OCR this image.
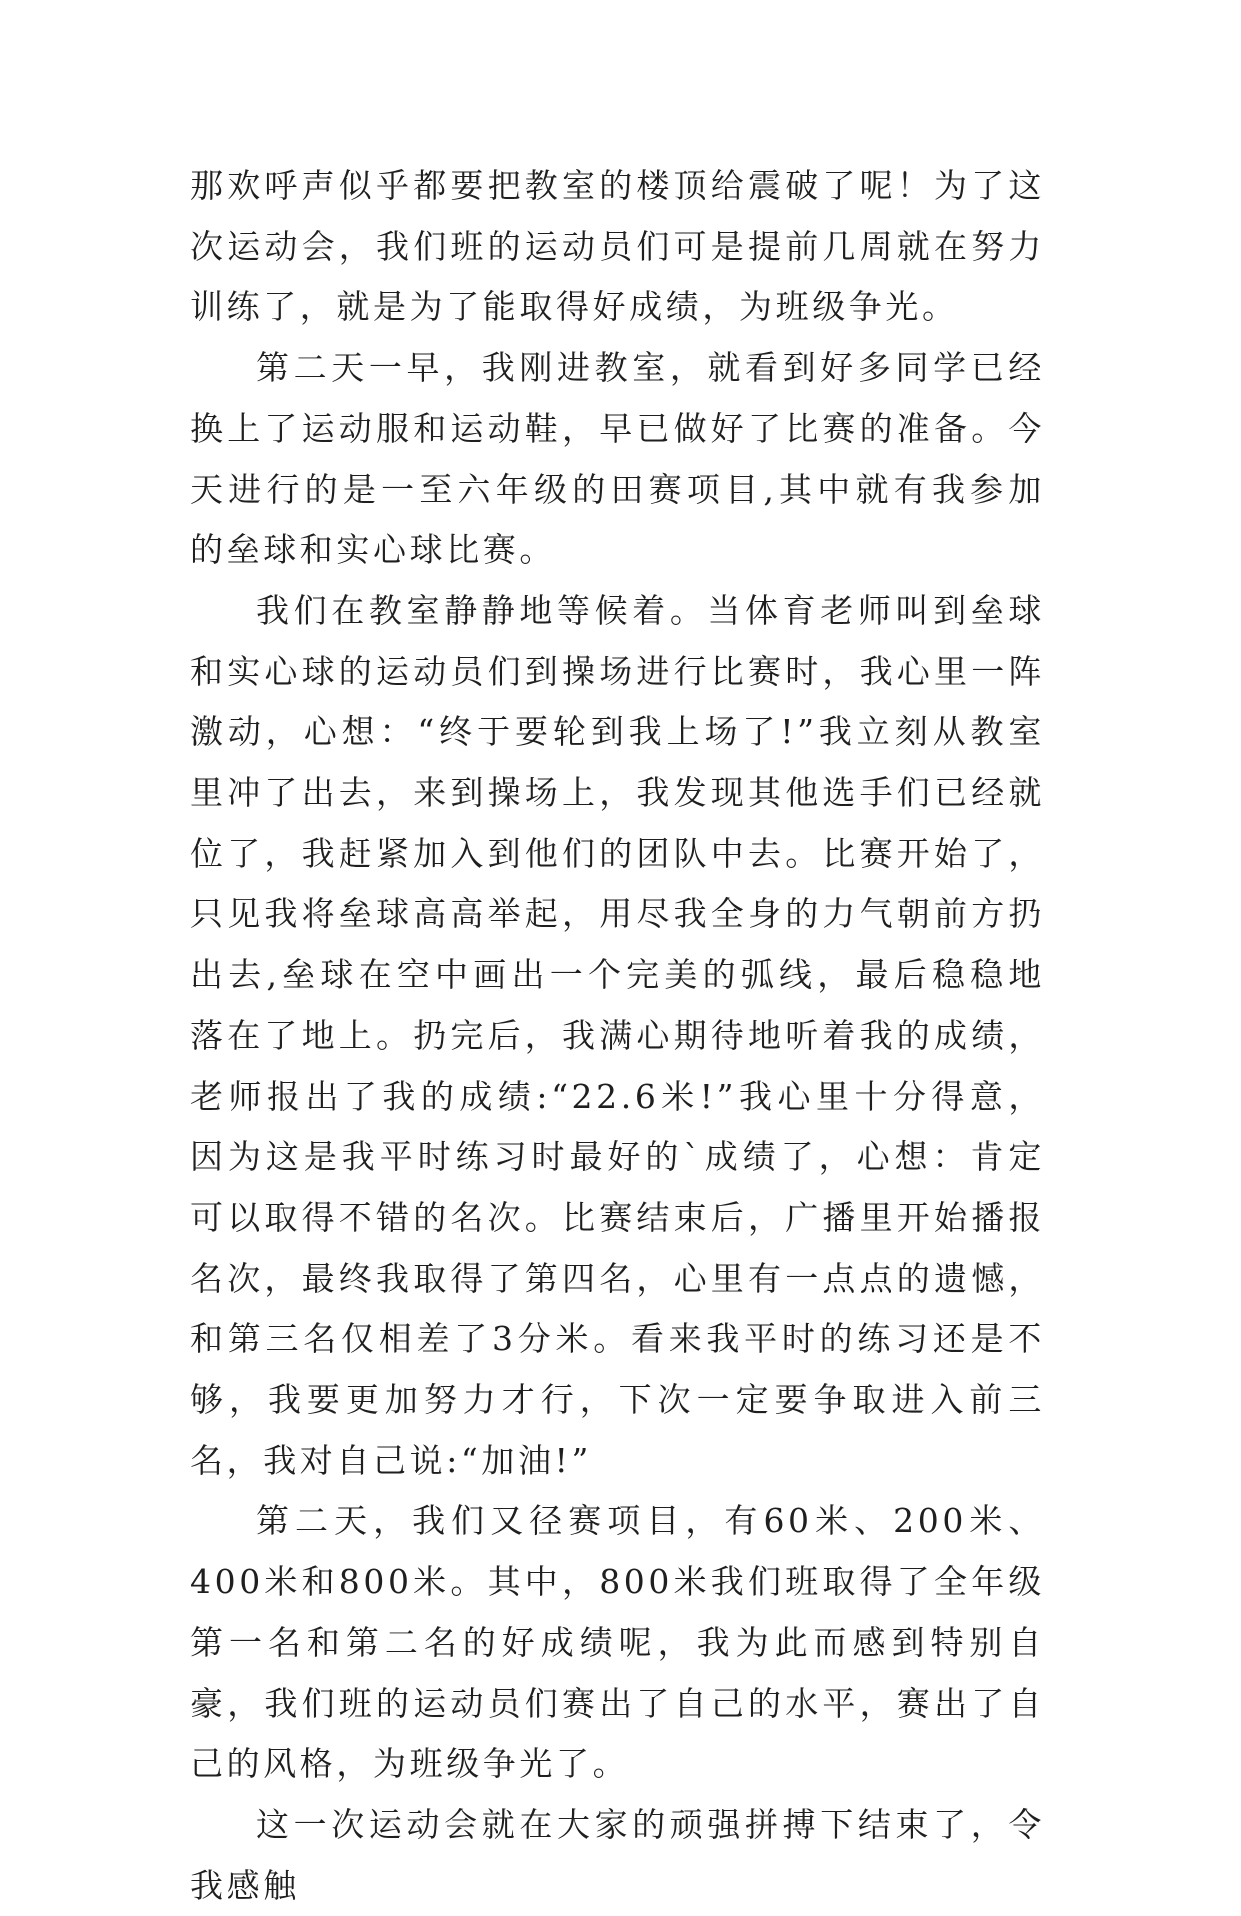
那欢呼声似乎都要把教室的楼顶给震破了呢！为了这次运动会，我们班的运动员们可是提前几周就在努力训练了，就是为了能取得好成绩，为班级争光。

第二天一早，我刚进教室，就看到好多同学已经换上了运动服和运动鞋，早已做好了比赛的准备。今天进行的是一至六年级的田赛项目,其中就有我参加的垒球和实心球比赛。

我们在教室静静地等候着。当体育老师叫到垒球和实心球的运动员们到操场进行比赛时，我心里一阵激动，心想：“终于要轮到我上场了!”我立刻从教室里冲了出去，来到操场上，我发现其他选手们已经就位了，我赶紧加入到他们的团队中去。比赛开始了，只见我将垒球高高举起，用尽我全身的力气朝前方扔出去,垒球在空中画出一个完美的弧线，最后稳稳地落在了地上。扔完后，我满心期待地听着我的成绩，老师报出了我的成绩:“22.6米!”我心里十分得意，因为这是我平时练习时最好的`成绩了，心想：肯定可以取得不错的名次。比赛结束后，广播里开始播报名次，最终我取得了第四名，心里有一点点的遗憾，和第三名仅相差了3分米。看来我平时的练习还是不够，我要更加努力才行，下次一定要争取进入前三名，我对自己说:“加油!”

第二天，我们又径赛项目，有60米、200米、400米和800米。其中，800米我们班取得了全年级第一名和第二名的好成绩呢，我为此而感到特别自豪，我们班的运动员们赛出了自己的水平，赛出了自己的风格，为班级争光了。

这一次运动会就在大家的顽强拼搏下结束了，令我感触
